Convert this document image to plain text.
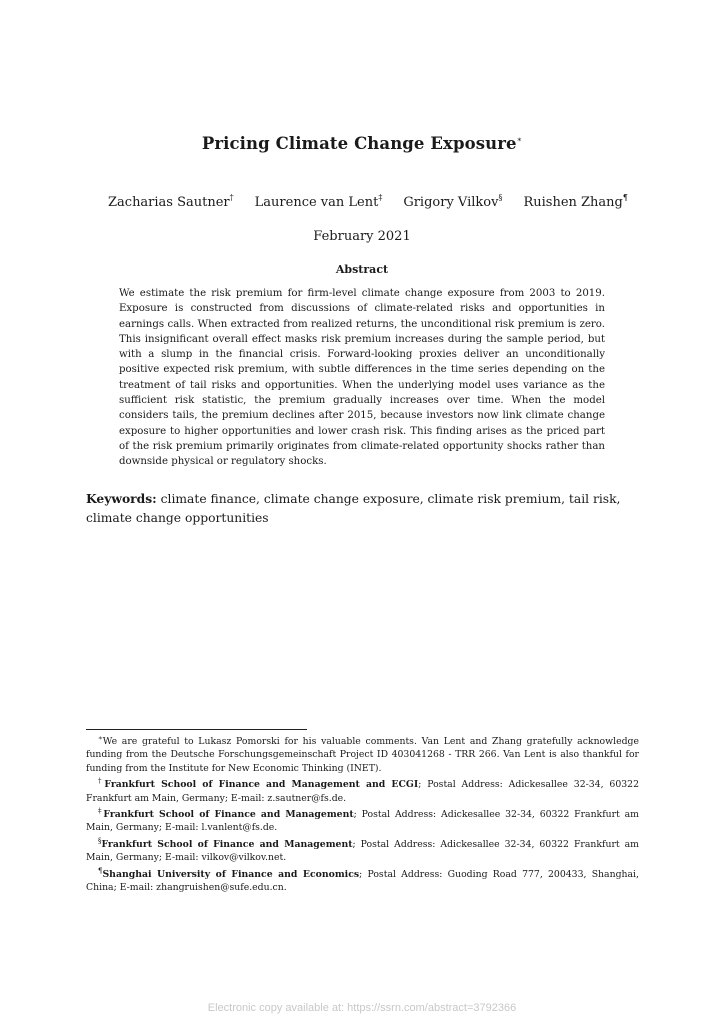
Pricing Climate Change Exposure∗
Zacharias Sautner† Laurence van Lent‡ Grigory Vilkov§ Ruishen Zhang¶
February 2021
Abstract
We estimate the risk premium for firm-level climate change exposure from 2003 to 2019. Exposure is constructed from discussions of climate-related risks and opportunities in earnings calls. When extracted from realized returns, the unconditional risk premium is zero. This insignificant overall effect masks risk premium increases during the sample period, but with a slump in the financial crisis. Forward-looking proxies deliver an unconditionally positive expected risk premium, with subtle differences in the time series depending on the treatment of tail risks and opportunities. When the underlying model uses variance as the sufficient risk statistic, the premium gradually increases over time. When the model considers tails, the premium declines after 2015, because investors now link climate change exposure to higher opportunities and lower crash risk. This finding arises as the priced part of the risk premium primarily originates from climate-related opportunity shocks rather than downside physical or regulatory shocks.
Keywords: climate finance, climate change exposure, climate risk premium, tail risk, climate change opportunities

∗We are grateful to Lukasz Pomorski for his valuable comments. Van Lent and Zhang gratefully acknowledge funding from the Deutsche Forschungsgemeinschaft Project ID 403041268 - TRR 266. Van Lent is also thankful for funding from the Institute for New Economic Thinking (INET).

†Frankfurt School of Finance and Management and ECGI; Postal Address: Adickesallee 32-34, 60322 Frankfurt am Main, Germany; E-mail: z.sautner@fs.de.

‡Frankfurt School of Finance and Management; Postal Address: Adickesallee 32-34, 60322 Frankfurt am Main, Germany; E-mail: l.vanlent@fs.de.

§Frankfurt School of Finance and Management; Postal Address: Adickesallee 32-34, 60322 Frankfurt am Main, Germany; E-mail: vilkov@vilkov.net.

¶Shanghai University of Finance and Economics; Postal Address: Guoding Road 777, 200433, Shanghai, China; E-mail: zhangruishen@sufe.edu.cn.

Electronic copy available at: https://ssrn.com/abstract=3792366
